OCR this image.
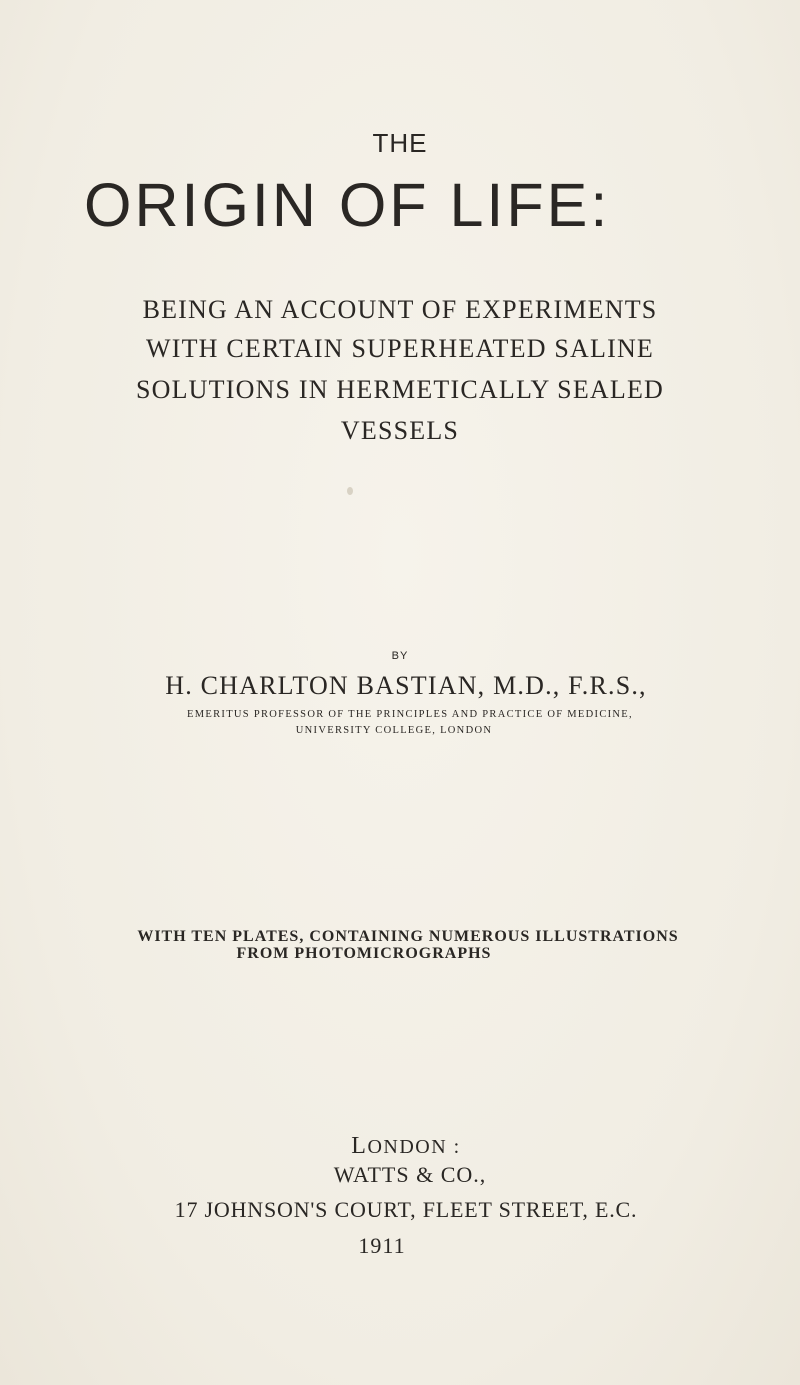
THE
ORIGIN OF LIFE:
BEING AN ACCOUNT OF EXPERIMENTS
WITH CERTAIN SUPERHEATED SALINE
SOLUTIONS IN HERMETICALLY SEALED
VESSELS
BY
H. CHARLTON BASTIAN, M.D., F.R.S.,
EMERITUS PROFESSOR OF THE PRINCIPLES AND PRACTICE OF MEDICINE,
UNIVERSITY COLLEGE, LONDON
WITH TEN PLATES, CONTAINING NUMEROUS ILLUSTRATIONS
FROM PHOTOMICROGRAPHS
LONDON :
WATTS & CO.,
17 JOHNSON'S COURT, FLEET STREET, E.C.
1911
